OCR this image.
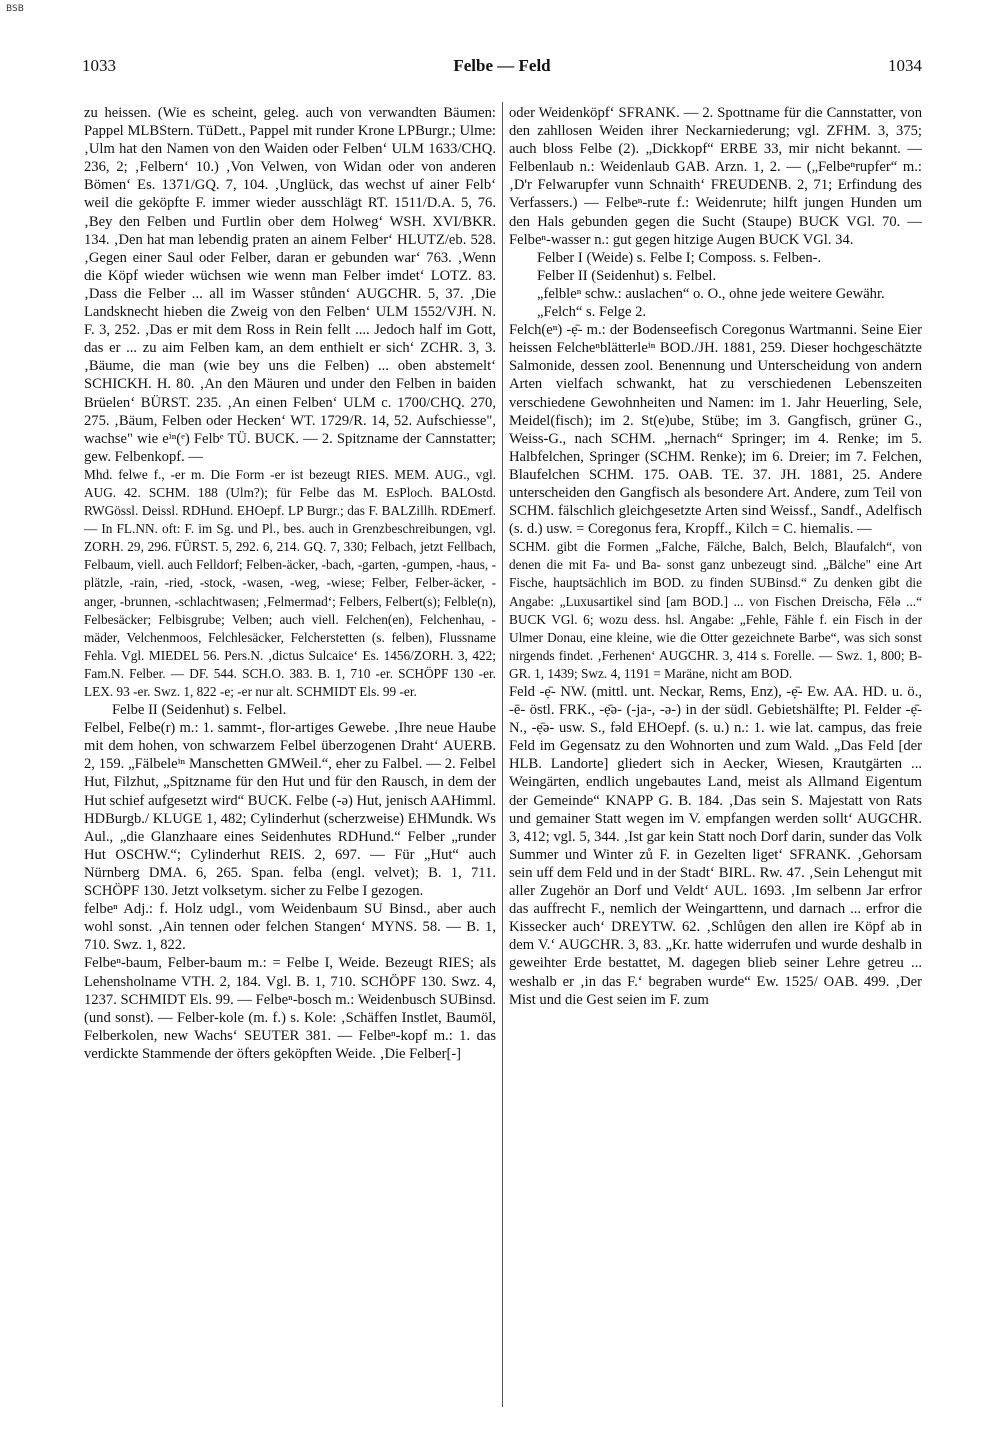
BSB
1033	Felbe — Feld	1034

zu heissen. (Wie es scheint, geleg. auch von verwandten Bäumen: Pappel MLBStern. TüDett., Pappel mit runder Krone LPBurgr.; Ulme: ‚Ulm hat den Namen von den Waiden oder Felben‘ ULM 1633/CHQ. 236, 2; ‚Felbern‘ 10.) ‚Von Velwen, von Widan oder von anderen Bömen‘ Es. 1371/GQ. 7, 104. ‚Unglück, das wechst uf ainer Felb‘ weil die geköpfte F. immer wieder ausschlägt RT. 1511/D.A. 5, 76. ‚Bey den Felben und Furtlin ober dem Holweg‘ WSH. XVI/BKR. 134. ‚Den hat man lebendig praten an ainem Felber‘ HLUTZ/eb. 528. ‚Gegen einer Saul oder Felber, daran er gebunden war‘ 763. ‚Wenn die Köpf wieder wüchsen wie wenn man Felber imdet‘ LOTZ. 83. ‚Dass die Felber ... all im Wasser stůnden‘ AUGCHR. 5, 37. ‚Die Landsknecht hieben die Zweig von den Felben‘ ULM 1552/VJH. N. F. 3, 252. ‚Das er mit dem Ross in Rein fellt .... Jedoch half im Gott, das er ... zu aim Felben kam, an dem enthielt er sich‘ ZCHR. 3, 3. ‚Bäume, die man (wie bey uns die Felben) ... oben abstemelt‘ SCHICKH. H. 80. ‚An den Mäuren und under den Felben in baiden Brüelen‘ BÜRST. 235. ‚An einen Felben‘ ULM c. 1700/CHQ. 270, 275. ‚Bäum, Felben oder Hecken‘ WT. 1729/R. 14, 52. Aufschiesse", wachse" wie eⁱⁿ(ᵉ) Felbᵉ TÜ. BUCK. — 2. Spitzname der Cannstatter; gew. Felbenkopf. —

Mhd. felwe f., -er m. Die Form -er ist bezeugt RIES. MEM. AUG., vgl. AUG. 42. SCHM. 188 (Ulm?); für Felbe das M. EsPloch. BALOstd. RWGössl. Deissl. RDHund. EHOepf. LP Burgr.; das F. BALZillh. RDEmerf. — In FL.NN. oft: F. im Sg. und Pl., bes. auch in Grenzbeschreibungen, vgl. ZORH. 29, 296. FÜRST. 5, 292. 6, 214. GQ. 7, 330; Felbach, jetzt Fellbach, Felbaum, viell. auch Felldorf; Felben-äcker, -bach, -garten, -gumpen, -haus, -plätzle, -rain, -ried, -stock, -wasen, -weg, -wiese; Felber, Felber-äcker, -anger, -brunnen, -schlachtwasen; ‚Felmermad‘; Felbers, Felbert(s); Felble(n), Felbesäcker; Felbisgrube; Velben; auch viell. Felchen(en), Felchenhau, -mäder, Velchenmoos, Felchlesäcker, Felcherstetten (s. felben), Flussname Fehla. Vgl. MIEDEL 56. Pers.N. ‚dictus Sulcaice‘ Es. 1456/ZORH. 3, 422; Fam.N. Felber. — DF. 544. SCH.O. 383. B. 1, 710 -er. SCHÖPF 130 -er. LEX. 93 -er. Swz. 1, 822 -e; -er nur alt. SCHMIDT Els. 99 -er.

Felbe II (Seidenhut) s. Felbel.

Felbel, Felbe(r) m.: 1. sammt-, flor-artiges Gewebe. ‚Ihre neue Haube mit dem hohen, von schwarzem Felbel überzogenen Draht‘ AUERB. 2, 159. „Fälbeleⁱⁿ Manschetten GMWeil.“, eher zu Falbel. — 2. Felbel Hut, Filzhut, „Spitzname für den Hut und für den Rausch, in dem der Hut schief aufgesetzt wird“ BUCK. Felbe (-ə) Hut, jenisch AAHimml. HDBurgb./ KLUGE 1, 482; Cylinderhut (scherzweise) EHMundk. Ws Aul., „die Glanzhaare eines Seidenhutes RDHund.“ Felber „runder Hut OSCHW.“; Cylinderhut REIS. 2, 697. — Für „Hut“ auch Nürnberg DMA. 6, 265. Span. felba (engl. velvet); B. 1, 711. SCHÖPF 130. Jetzt volksetym. sicher zu Felbe I gezogen.

felbeⁿ Adj.: f. Holz udgl., vom Weidenbaum SU Binsd., aber auch wohl sonst. ‚Ain tennen oder felchen Stangen‘ MYNS. 58. — B. 1, 710. Swz. 1, 822.

Felbeⁿ-baum, Felber-baum m.: = Felbe I, Weide. Bezeugt RIES; als Lehensholname VTH. 2, 184. Vgl. B. 1, 710. SCHÖPF 130. Swz. 4, 1237. SCHMIDT Els. 99. — Felbeⁿ-bosch m.: Weidenbusch SUBinsd. (und sonst). — Felber-kole (m. f.) s. Kole: ‚Schäffen Instlet, Baumöl, Felberkolen, new Wachs‘ SEUTER 381. — Felbeⁿ-kopf m.: 1. das verdickte Stammende der öfters geköpften Weide. ‚Die Felber[-]

oder Weidenköpf‘ SFRANK. — 2. Spottname für die Cannstatter, von den zahllosen Weiden ihrer Neckarniederung; vgl. ZFHM. 3, 375; auch bloss Felbe (2). „Dickkopf“ ERBE 33, mir nicht bekannt. — Felbenlaub n.: Weidenlaub GAB. Arzn. 1, 2. — („Felbeⁿrupfer“ m.: ‚D'r Felwarupfer vunn Schnaith‘ FREUDENB. 2, 71; Erfindung des Verfassers.) — Felbeⁿ-rute f.: Weidenrute; hilft jungen Hunden um den Hals gebunden gegen die Sucht (Staupe) BUCK VGl. 70. — Felbeⁿ-wasser n.: gut gegen hitzige Augen BUCK VGl. 34.

Felber I (Weide) s. Felbe I; Composs. s. Felben-.

Felber II (Seidenhut) s. Felbel.

„felbleⁿ schw.: auslachen“ o. O., ohne jede weitere Gewähr.

„Felch“ s. Felge 2.

Felch(eⁿ) -ẹ̄- m.: der Bodenseefisch Coregonus Wartmanni. Seine Eier heissen Felcheⁿblätterleⁱⁿ BOD./JH. 1881, 259. Dieser hochgeschätzte Salmonide, dessen zool. Benennung und Unterscheidung von andern Arten vielfach schwankt, hat zu verschiedenen Lebenszeiten verschiedene Gewohnheiten und Namen: im 1. Jahr Heuerling, Sele, Meidel(fisch); im 2. St(e)ube, Stübe; im 3. Gangfisch, grüner G., Weiss-G., nach SCHM. „hernach“ Springer; im 4. Renke; im 5. Halbfelchen, Springer (SCHM. Renke); im 6. Dreier; im 7. Felchen, Blaufelchen SCHM. 175. OAB. TE. 37. JH. 1881, 25. Andere unterscheiden den Gangfisch als besondere Art. Andere, zum Teil von SCHM. fälschlich gleichgesetzte Arten sind Weissf., Sandf., Adelfisch (s. d.) usw. = Coregonus fera, Kropff., Kilch = C. hiemalis. —

SCHM. gibt die Formen „Falche, Fälche, Balch, Belch, Blaufalch“, von denen die mit Fa- und Ba- sonst ganz unbezeugt sind. „Bälche" eine Art Fische, hauptsächlich im BOD. zu finden SUBinsd.“ Zu denken gibt die Angabe: „Luxusartikel sind [am BOD.] ... von Fischen Dreischə, Fēlə ...“ BUCK VGl. 6; wozu dess. hsl. Angabe: „Fehle, Fähle f. ein Fisch in der Ulmer Donau, eine kleine, wie die Otter gezeichnete Barbe“, was sich sonst nirgends findet. ‚Ferhenen‘ AUGCHR. 3, 414 s. Forelle. — Swz. 1, 800; B- GR. 1, 1439; Swz. 4, 1191 = Maräne, nicht am BOD.

Feld -ẹ̄- NW. (mittl. unt. Neckar, Rems, Enz), -ẹ̄- Ew. AA. HD. u. ö., -ē- östl. FRK., -ẹ̄ə- (-ja-, -ə-) in der südl. Gebietshälfte; Pl. Felder -ẹ̄- N., -ẹ̄ə- usw. S., fəld EHOepf. (s. u.) n.: 1. wie lat. campus, das freie Feld im Gegensatz zu den Wohnorten und zum Wald. „Das Feld [der HLB. Landorte] gliedert sich in Aecker, Wiesen, Krautgärten ... Weingärten, endlich ungebautes Land, meist als Allmand Eigentum der Gemeinde“ KNAPP G. B. 184. ‚Das sein S. Majestatt von Rats und gemainer Statt wegen im V. empfangen werden sollt‘ AUGCHR. 3, 412; vgl. 5, 344. ‚Ist gar kein Statt noch Dorf darin, sunder das Volk Summer und Winter zů F. in Gezelten liget‘ SFRANK. ‚Gehorsam sein uff dem Feld und in der Stadt‘ BIRL. Rw. 47. ‚Sein Lehengut mit aller Zugehör an Dorf und Veldt‘ AUL. 1693. ‚Im selbenn Jar erfror das auffrecht F., nemlich der Weingarttenn, und darnach ... erfror die Kissecker auch‘ DREYTW. 62. ‚Schlůgen den allen ire Köpf ab in dem V.‘ AUGCHR. 3, 83. „Kr. hatte widerrufen und wurde deshalb in geweihter Erde bestattet, M. dagegen blieb seiner Lehre getreu ... weshalb er ‚in das F.‘ begraben wurde“ Ew. 1525/ OAB. 499. ‚Der Mist und die Gest seien im F. zum
